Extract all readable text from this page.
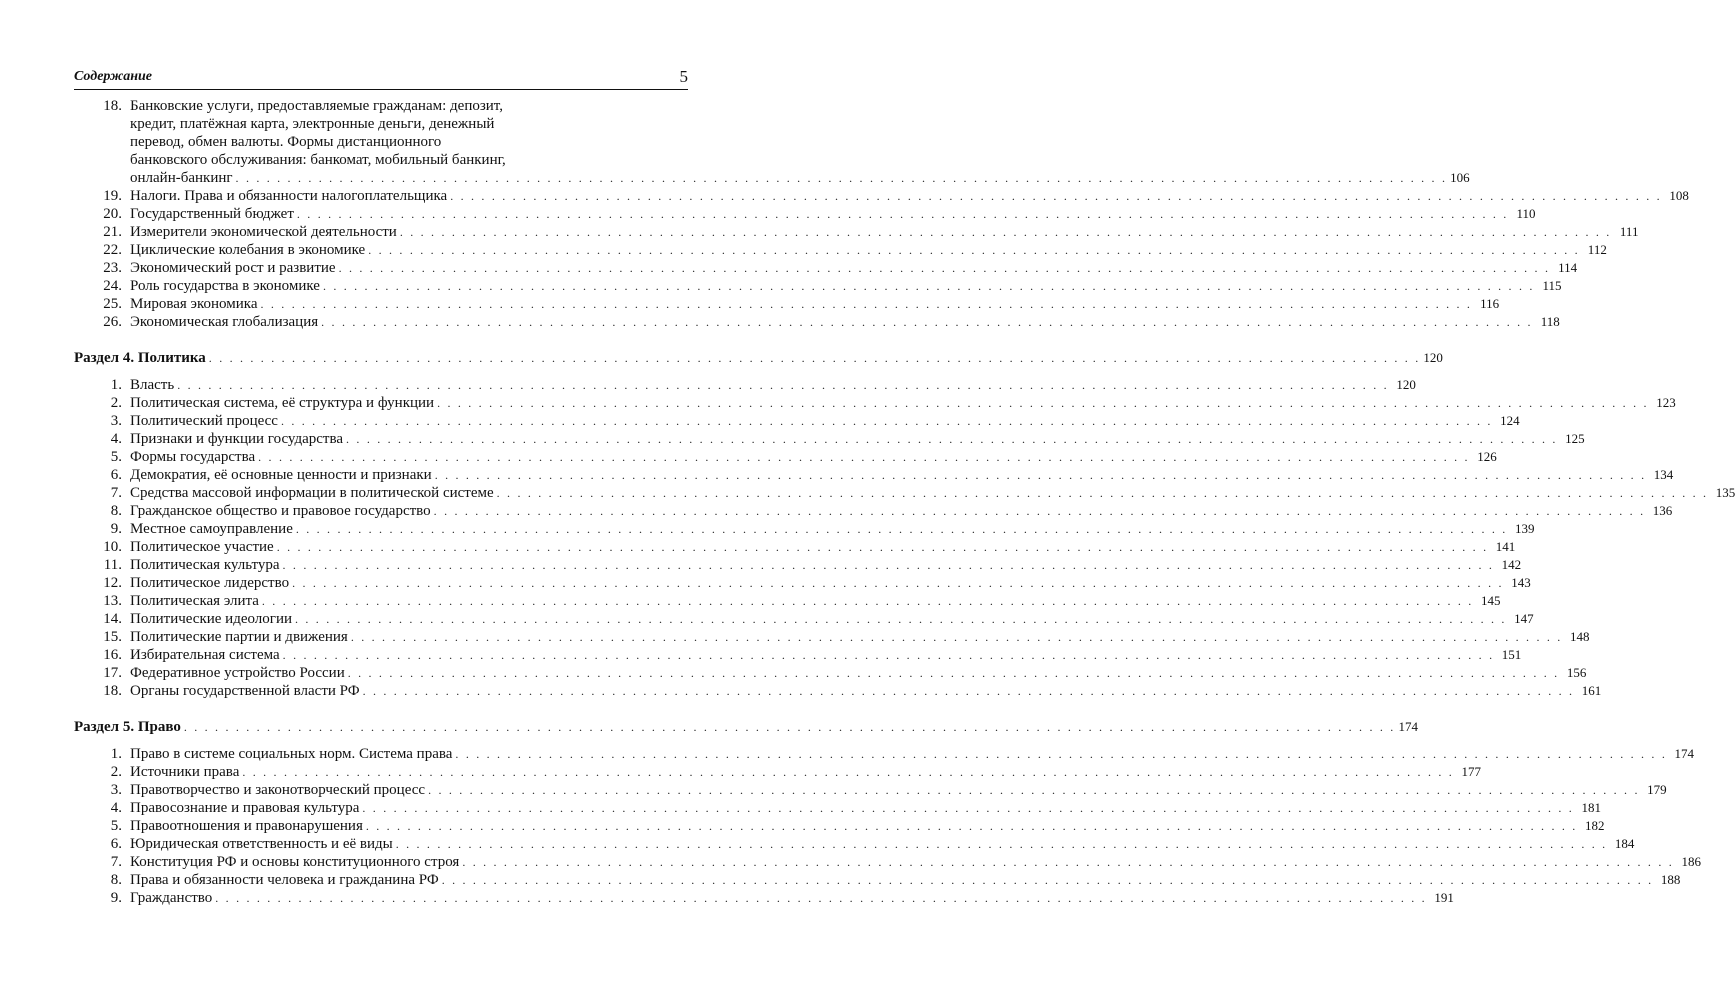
Содержание	5
18. Банковские услуги, предоставляемые гражданам: депозит,
кредит, платёжная карта, электронные деньги, денежный
перевод, обмен валюты. Формы дистанционного
банковского обслуживания: банкомат, мобильный банкинг,
онлайн-банкинг . . .	106
19. Налоги. Права и обязанности налогоплательщика . . .	108
20. Государственный бюджет . . .	110
21. Измерители экономической деятельности . . .	111
22. Циклические колебания в экономике . . .	112
23. Экономический рост и развитие . . .	114
24. Роль государства в экономике . . .	115
25. Мировая экономика . . .	116
26. Экономическая глобализация . . .	118
Раздел 4. Политика . . .	120
1. Власть . . .	120
2. Политическая система, её структура и функции . . .	123
3. Политический процесс . . .	124
4. Признаки и функции государства . . .	125
5. Формы государства . . .	126
6. Демократия, её основные ценности и признаки . . .	134
7. Средства массовой информации в политической системе . . .	135
8. Гражданское общество и правовое государство . . .	136
9. Местное самоуправление . . .	139
10. Политическое участие . . .	141
11. Политическая культура . . .	142
12. Политическое лидерство . . .	143
13. Политическая элита . . .	145
14. Политические идеологии . . .	147
15. Политические партии и движения . . .	148
16. Избирательная система . . .	151
17. Федеративное устройство России . . .	156
18. Органы государственной власти РФ . . .	161
Раздел 5. Право . . .	174
1. Право в системе социальных норм. Система права . . .	174
2. Источники права . . .	177
3. Правотворчество и законотворческий процесс . . .	179
4. Правосознание и правовая культура . . .	181
5. Правоотношения и правонарушения . . .	182
6. Юридическая ответственность и её виды . . .	184
7. Конституция РФ и основы конституционного строя . . .	186
8. Права и обязанности человека и гражданина РФ . . .	188
9. Гражданство . . .	191
